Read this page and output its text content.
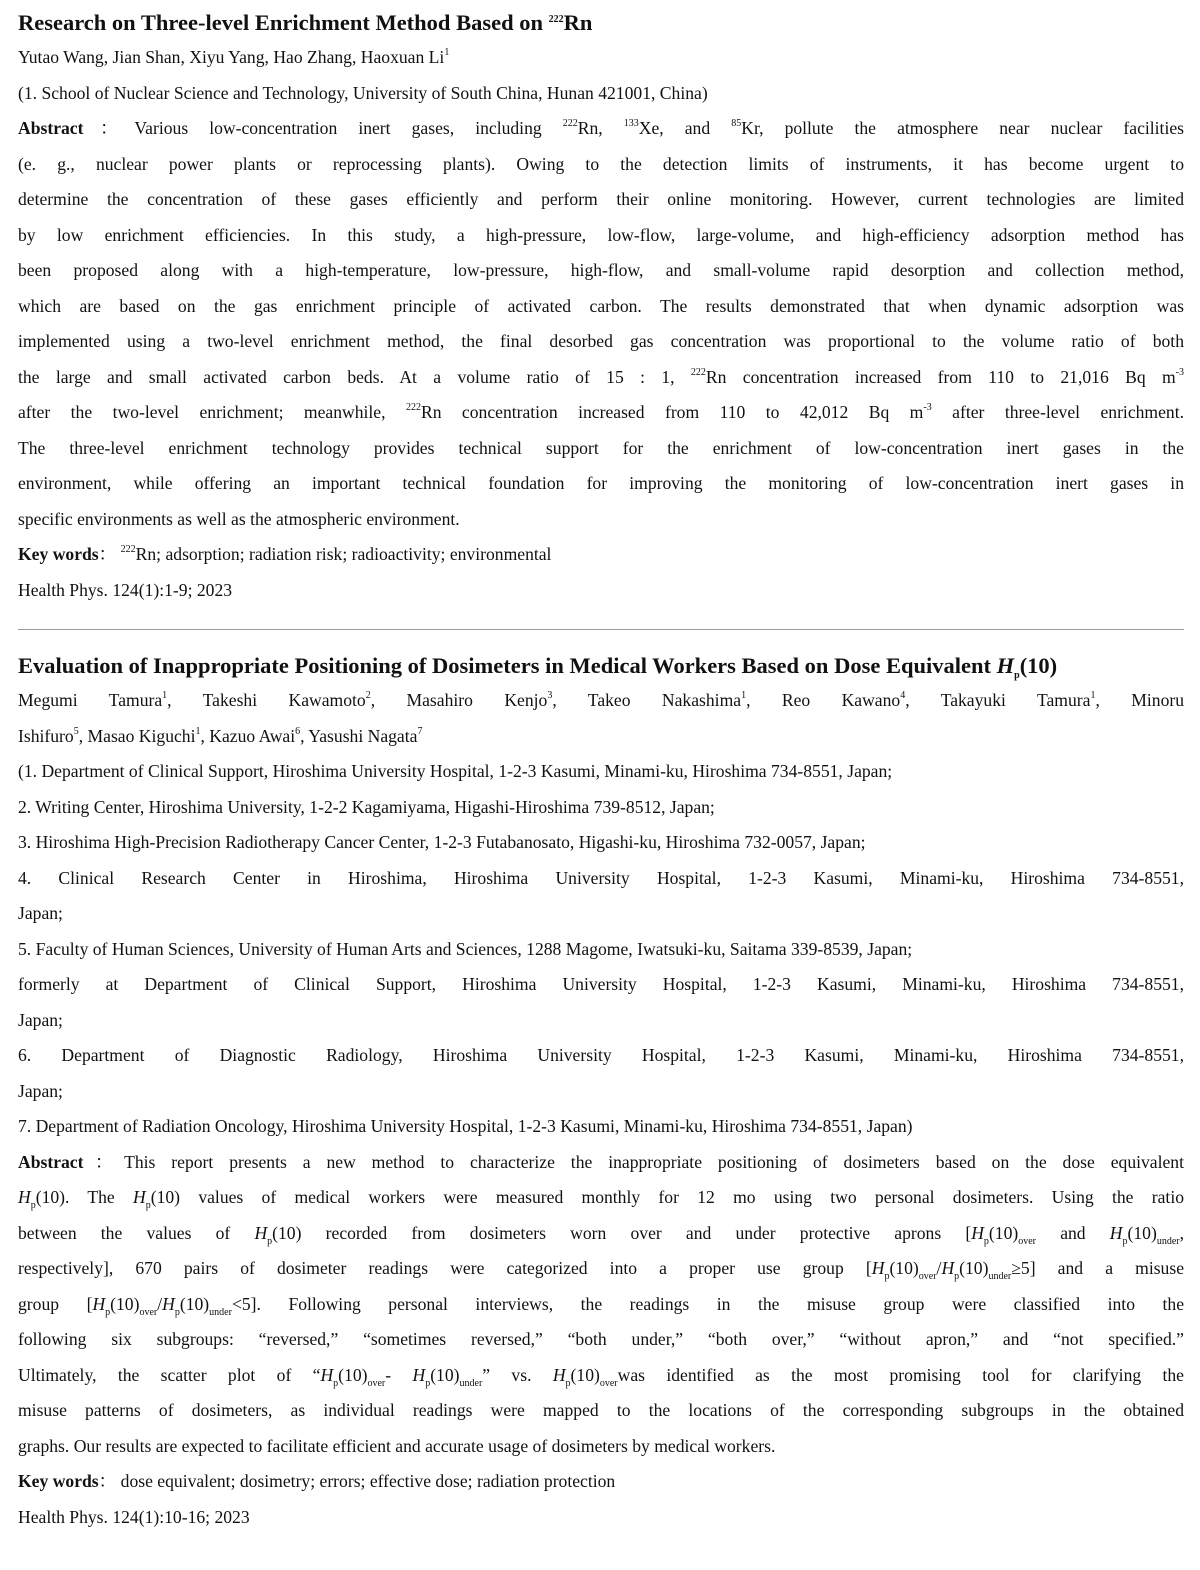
Research on Three-level Enrichment Method Based on $^{222}$Rn

Yutao Wang, Jian Shan, Xiyu Yang, Hao Zhang, Haoxuan Li$^1$

(1. School of Nuclear Science and Technology, University of South China, Hunan 421001, China)

Abstract：Various low-concentration inert gases, including $^{222}$Rn, $^{133}$Xe, and $^{85}$Kr, pollute the atmosphere near nuclear facilities

(e. g., nuclear power plants or reprocessing plants). Owing to the detection limits of instruments, it has become urgent to

determine the concentration of these gases efficiently and perform their online monitoring. However, current technologies are limited

by low enrichment efficiencies. In this study, a high-pressure, low-flow, large-volume, and high-efficiency adsorption method has

been proposed along with a high-temperature, low-pressure, high-flow, and small-volume rapid desorption and collection method,

which are based on the gas enrichment principle of activated carbon. The results demonstrated that when dynamic adsorption was

implemented using a two-level enrichment method, the final desorbed gas concentration was proportional to the volume ratio of both

the large and small activated carbon beds. At a volume ratio of 15 : 1, $^{222}$Rn concentration increased from 110 to 21,016 Bq $m^{-3}$

after the two-level enrichment; meanwhile, $^{222}$Rn concentration increased from 110 to 42,012 Bq $m^{-3}$ after three-level enrichment.

The three-level enrichment technology provides technical support for the enrichment of low-concentration inert gases in the

environment, while offering an important technical foundation for improving the monitoring of low-concentration inert gases in

specific environments as well as the atmospheric environment.

Key words： $^{222}$Rn; adsorption; radiation risk; radioactivity; environmental

Health Phys. 124(1):1-9; 2023

Evaluation of Inappropriate Positioning of Dosimeters in Medical Workers Based on Dose Equivalent $H_p(10)$

Megumi Tamura$^1$, Takeshi Kawamoto$^2$, Masahiro Kenjo$^3$, Takeo Nakashima$^1$, Reo Kawano$^4$, Takayuki Tamura$^1$, Minoru

Ishifuro$^5$, Masao Kiguchi$^1$, Kazuo Awai$^6$, Yasushi Nagata$^7$

(1. Department of Clinical Support, Hiroshima University Hospital, 1-2-3 Kasumi, Minami-ku, Hiroshima 734-8551, Japan;

2. Writing Center, Hiroshima University, 1-2-2 Kagamiyama, Higashi-Hiroshima 739-8512, Japan;

3. Hiroshima High-Precision Radiotherapy Cancer Center, 1-2-3 Futabanosato, Higashi-ku, Hiroshima 732-0057, Japan;

4. Clinical Research Center in Hiroshima, Hiroshima University Hospital, 1-2-3 Kasumi, Minami-ku, Hiroshima 734-8551,

Japan;

5. Faculty of Human Sciences, University of Human Arts and Sciences, 1288 Magome, Iwatsuki-ku, Saitama 339-8539, Japan;

formerly at Department of Clinical Support, Hiroshima University Hospital, 1-2-3 Kasumi, Minami-ku, Hiroshima 734-8551,

Japan;

6. Department of Diagnostic Radiology, Hiroshima University Hospital, 1-2-3 Kasumi, Minami-ku, Hiroshima 734-8551,

Japan;

7. Department of Radiation Oncology, Hiroshima University Hospital, 1-2-3 Kasumi, Minami-ku, Hiroshima 734-8551, Japan)

Abstract：This report presents a new method to characterize the inappropriate positioning of dosimeters based on the dose equivalent

$H_p(10)$. The $H_p(10)$ values of medical workers were measured monthly for 12 mo using two personal dosimeters. Using the ratio

between the values of $H_p(10)$ recorded from dosimeters worn over and under protective aprons [$H_p(10)_{over}$ and $H_p(10)_{under}$,

respectively], 670 pairs of dosimeter readings were categorized into a proper use group $[H_p(10)_{over}/H_p(10)_{under}\ge 5]$ and a misuse

group $[H_p(10)_{over}/H_p(10)_{under}<5]$. Following personal interviews, the readings in the misuse group were classified into the

following six subgroups: “reversed,” “sometimes reversed,” “both under,” “both over,” “without apron,” and “not specified.”

Ultimately, the scatter plot of “$H_p(10)_{over}-$ $H_p(10)_{under}$” vs. $H_p(10)_{over}was$ identified as the most promising tool for clarifying the

misuse patterns of dosimeters, as individual readings were mapped to the locations of the corresponding subgroups in the obtained

graphs. Our results are expected to facilitate efficient and accurate usage of dosimeters by medical workers.

Key words： dose equivalent; dosimetry; errors; effective dose; radiation protection

Health Phys. 124(1):10-16; 2023
